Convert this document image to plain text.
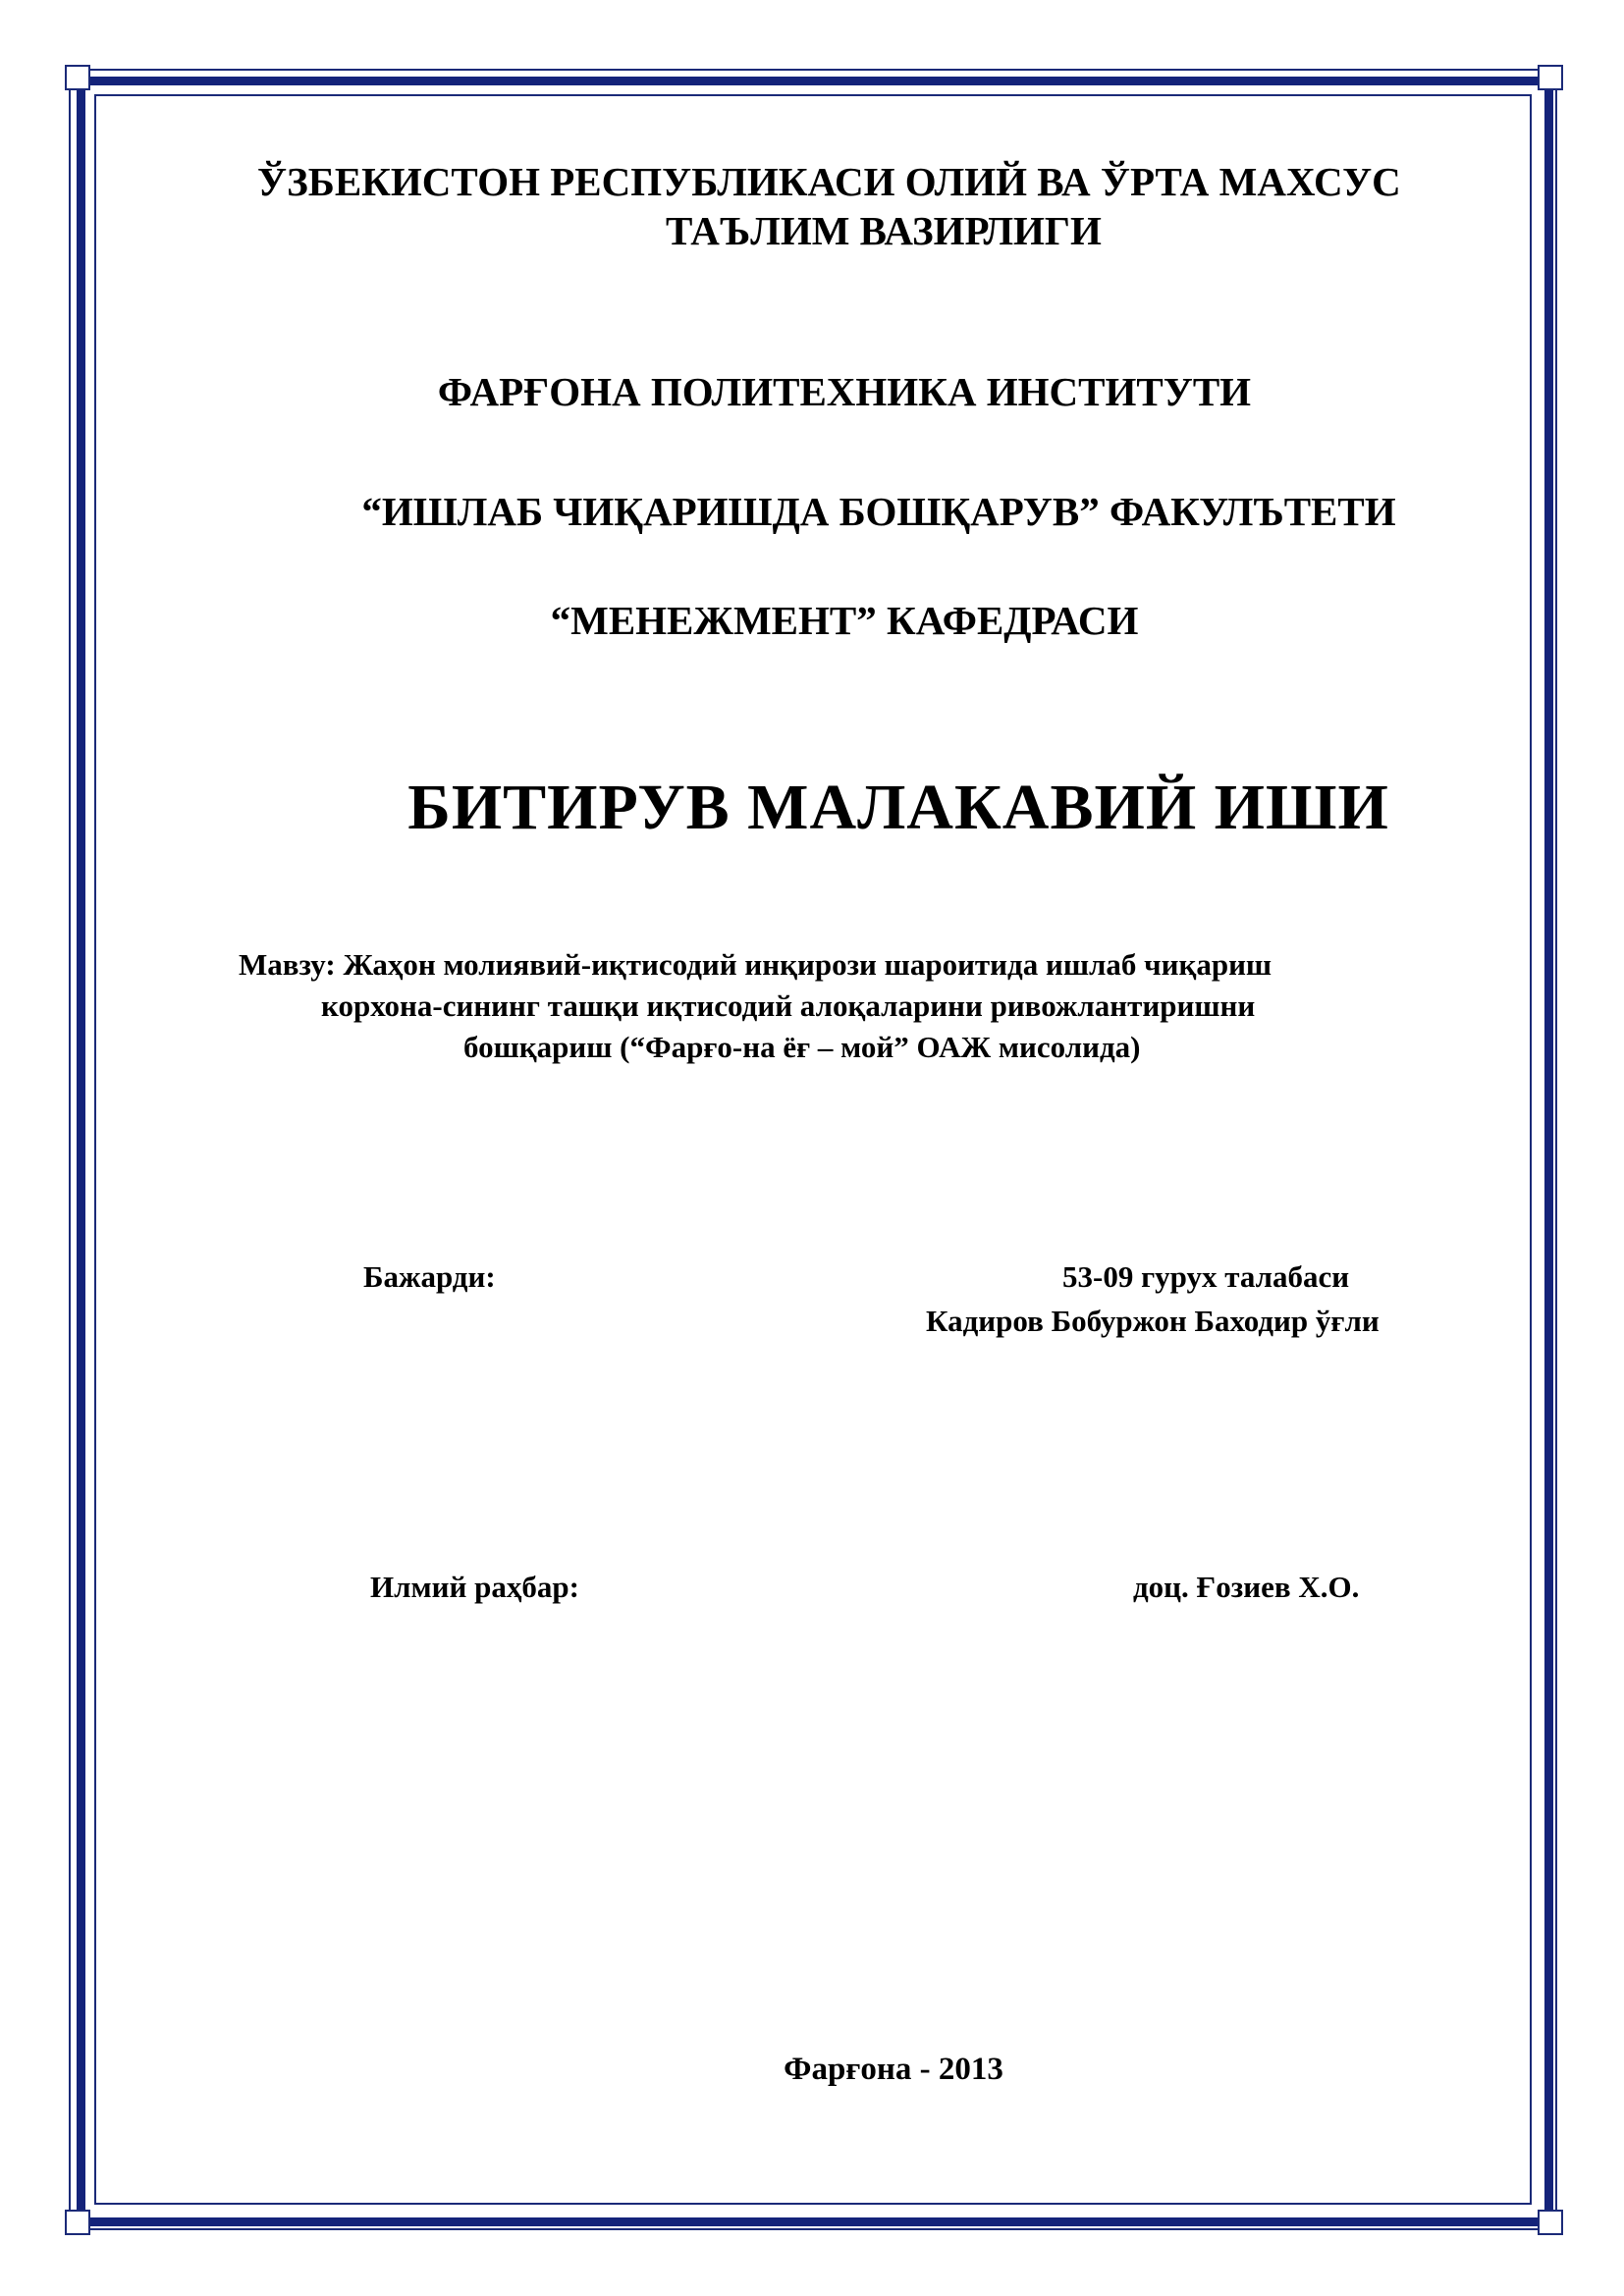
ЎЗБЕКИСТОН РЕСПУБЛИКАСИ ОЛИЙ ВА ЎРТА МАХСУС
ТАЪЛИМ ВАЗИРЛИГИ
ФАРҒОНА ПОЛИТЕХНИКА ИНСТИТУТИ
“ИШЛАБ ЧИҚАРИШДА БОШҚАРУВ” ФАКУЛЪТЕТИ
“МЕНЕЖМЕНТ” КАФЕДРАСИ
БИТИРУВ МАЛАКАВИЙ ИШИ
Мавзу: Жаҳон молиявий-иқтисодий инқирози шароитида ишлаб чиқариш
корхона-сининг ташқи иқтисодий алоқаларини ривожлантиришни
бошқариш (“Фарғо-на ёғ – мой” ОАЖ мисолида)
Бажарди:	53-09 гурух талабаси
Кадиров Бобуржон Баходир ўғли
Илмий раҳбар:	доц. Ғозиев Х.О.
Фарғона - 2013
